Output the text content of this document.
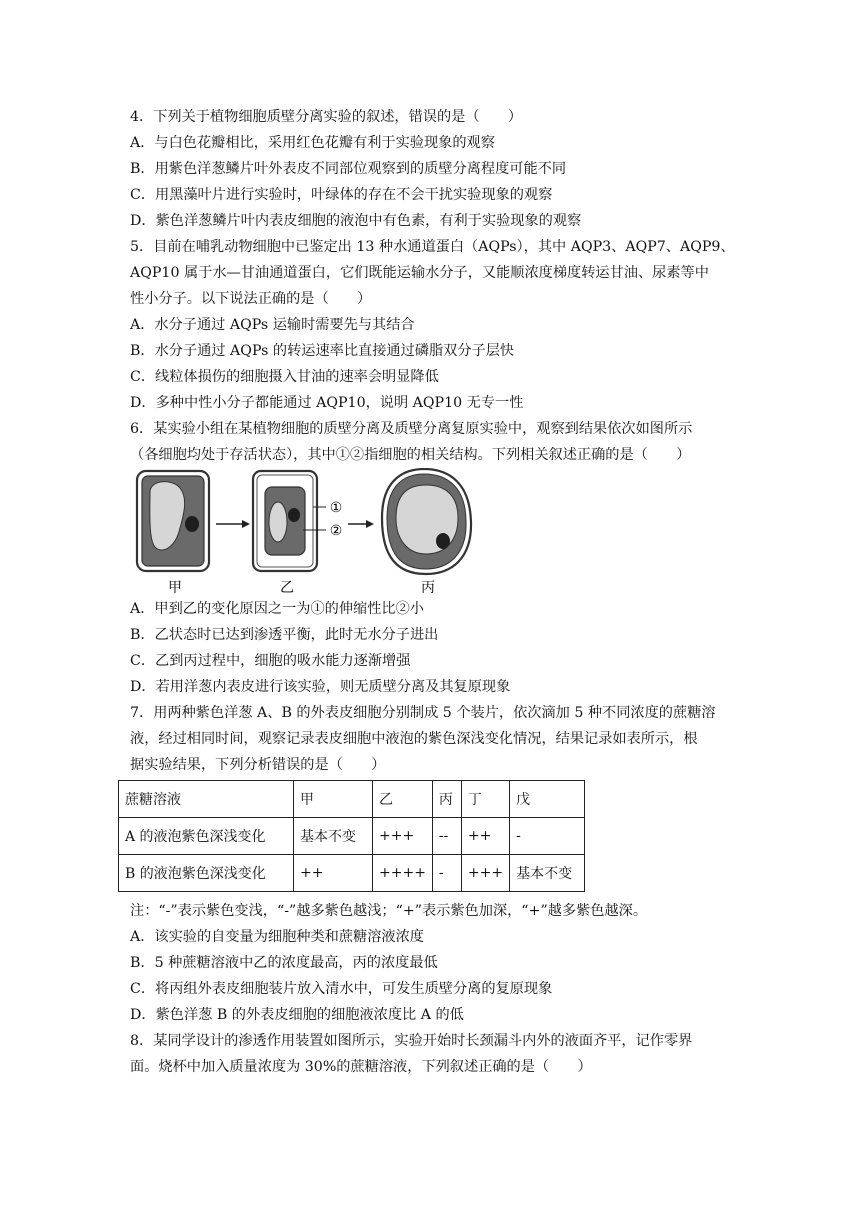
4．下列关于植物细胞质壁分离实验的叙述，错误的是（　　）
A．与白色花瓣相比，采用红色花瓣有利于实验现象的观察
B．用紫色洋葱鳞片叶外表皮不同部位观察到的质壁分离程度可能不同
C．用黑藻叶片进行实验时，叶绿体的存在不会干扰实验现象的观察
D．紫色洋葱鳞片叶内表皮细胞的液泡中有色素，有利于实验现象的观察
5．目前在哺乳动物细胞中已鉴定出 13 种水通道蛋白（AQPs），其中 AQP3、AQP7、AQP9、
AQP10 属于水—甘油通道蛋白，它们既能运输水分子，又能顺浓度梯度转运甘油、尿素等中
性小分子。以下说法正确的是（　　）
A．水分子通过 AQPs 运输时需要先与其结合
B．水分子通过 AQPs 的转运速率比直接通过磷脂双分子层快
C．线粒体损伤的细胞摄入甘油的速率会明显降低
D．多种中性小分子都能通过 AQP10，说明 AQP10 无专一性
6．某实验小组在某植物细胞的质壁分离及质壁分离复原实验中，观察到结果依次如图所示
（各细胞均处于存活状态），其中①②指细胞的相关结构。下列相关叙述正确的是（　　）
①
②
甲	乙	丙
A．甲到乙的变化原因之一为①的伸缩性比②小
B．乙状态时已达到渗透平衡，此时无水分子进出
C．乙到丙过程中，细胞的吸水能力逐渐增强
D．若用洋葱内表皮进行该实验，则无质壁分离及其复原现象
7．用两种紫色洋葱 A、B 的外表皮细胞分别制成 5 个装片，依次滴加 5 种不同浓度的蔗糖溶
液，经过相同时间，观察记录表皮细胞中液泡的紫色深浅变化情况，结果记录如表所示，根
据实验结果，下列分析错误的是（　　）
蔗糖溶液	甲	乙	丙	丁	戊
A 的液泡紫色深浅变化	基本不变	+++	--	++	-
B 的液泡紫色深浅变化	++	++++	-	+++	基本不变
注：“-”表示紫色变浅，“-”越多紫色越浅；“+”表示紫色加深，“+”越多紫色越深。
A．该实验的自变量为细胞种类和蔗糖溶液浓度
B．5 种蔗糖溶液中乙的浓度最高，丙的浓度最低
C．将丙组外表皮细胞装片放入清水中，可发生质壁分离的复原现象
D．紫色洋葱 B 的外表皮细胞的细胞液浓度比 A 的低
8．某同学设计的渗透作用装置如图所示，实验开始时长颈漏斗内外的液面齐平，记作零界
面。烧杯中加入质量浓度为 30%的蔗糖溶液，下列叙述正确的是（　　）
